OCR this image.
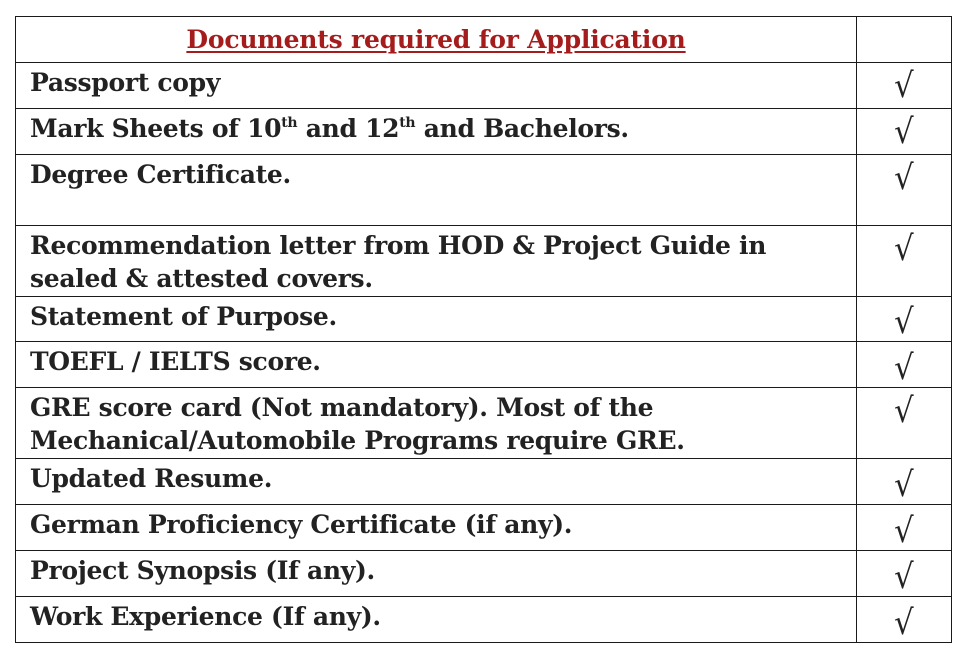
Documents required for Application	
Passport copy	√
Mark Sheets of 10th and 12th and Bachelors.	√
Degree Certificate.	√
Recommendation letter from HOD & Project Guide in sealed & attested covers.	√
Statement of Purpose.	√
TOEFL / IELTS score.	√
GRE score card (Not mandatory). Most of the Mechanical/Automobile Programs require GRE.	√
Updated Resume.	√
German Proficiency Certificate (if any).	√
Project Synopsis (If any).	√
Work Experience (If any).	√
